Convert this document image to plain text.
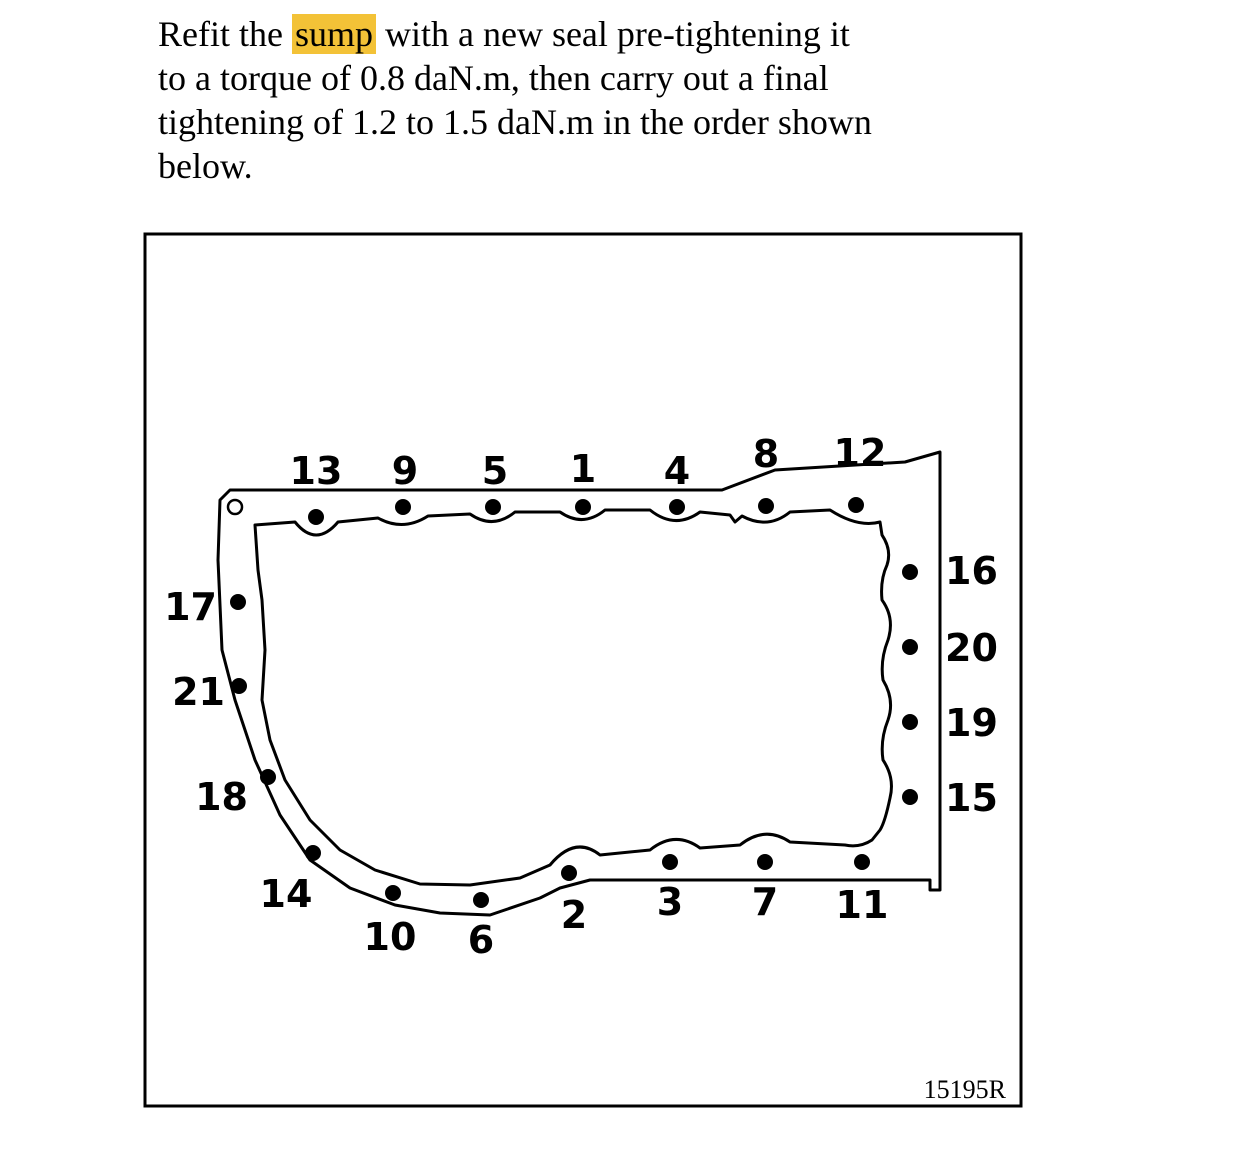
Refit the sump with a new seal pre-tightening it
to a torque of 0.8 daN.m, then carry out a final
tightening of 1.2 to 1.5 daN.m in the order shown
below.
13 9 5 1 4 8 12
16
20
19
15
11
7
3
2
6
10
14
18
21
17
15195R
